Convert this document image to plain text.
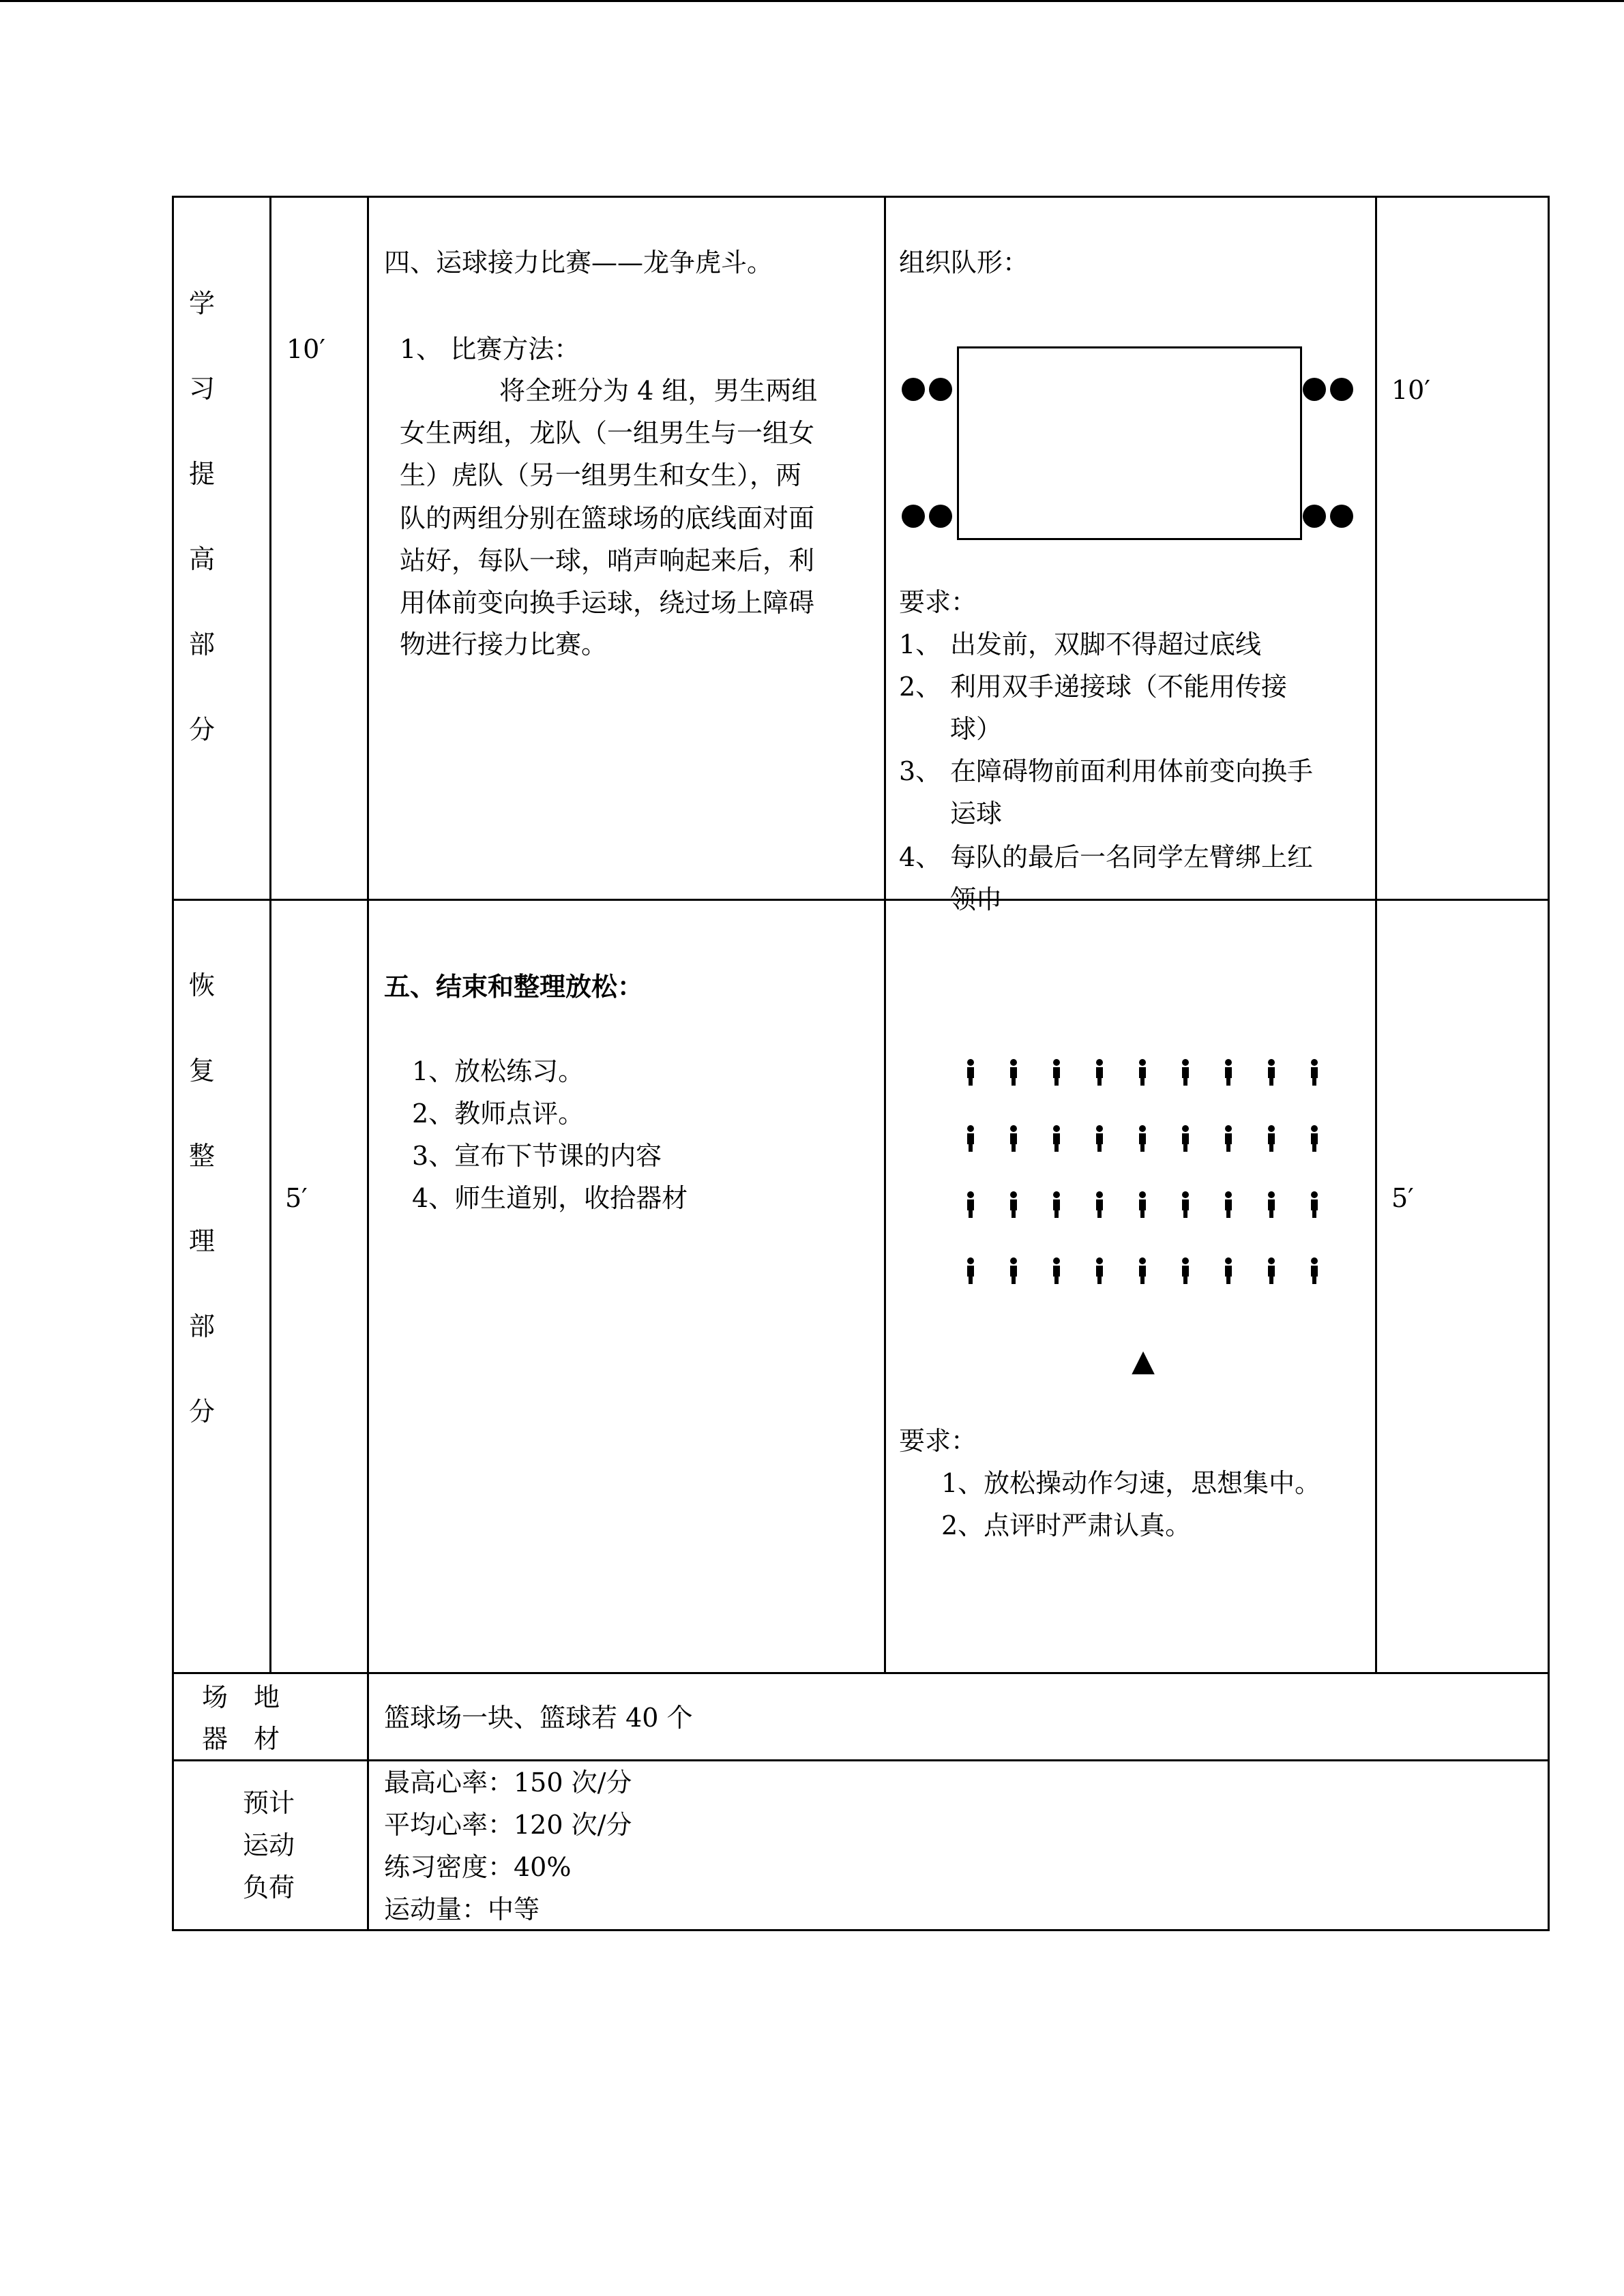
学
习
提
高
部
分
10′
四、运球接力比赛——龙争虎斗。
1、 比赛方法：
将全班分为 4 组，男生两组
女生两组，龙队（一组男生与一组女
生）虎队（另一组男生和女生），两
队的两组分别在篮球场的底线面对面
站好，每队一球，哨声响起来后，利
用体前变向换手运球，绕过场上障碍
物进行接力比赛。
组织队形：
要求：
1、 出发前，双脚不得超过底线
2、 利用双手递接球（不能用传接
球）
3、 在障碍物前面利用体前变向换手
运球
4、 每队的最后一名同学左臂绑上红
领巾
10′
恢
复
整
理
部
分
5′
五、结束和整理放松：
1、放松练习。
2、教师点评。
3、宣布下节课的内容
4、师生道别，收拾器材
▲
要求：
1、放松操动作匀速，思想集中。
2、点评时严肃认真。
5′
场　地
器　材
篮球场一块、篮球若 40 个
预计
运动
负荷
最高心率：150 次/分
平均心率：120 次/分
练习密度：40%
运动量：中等
